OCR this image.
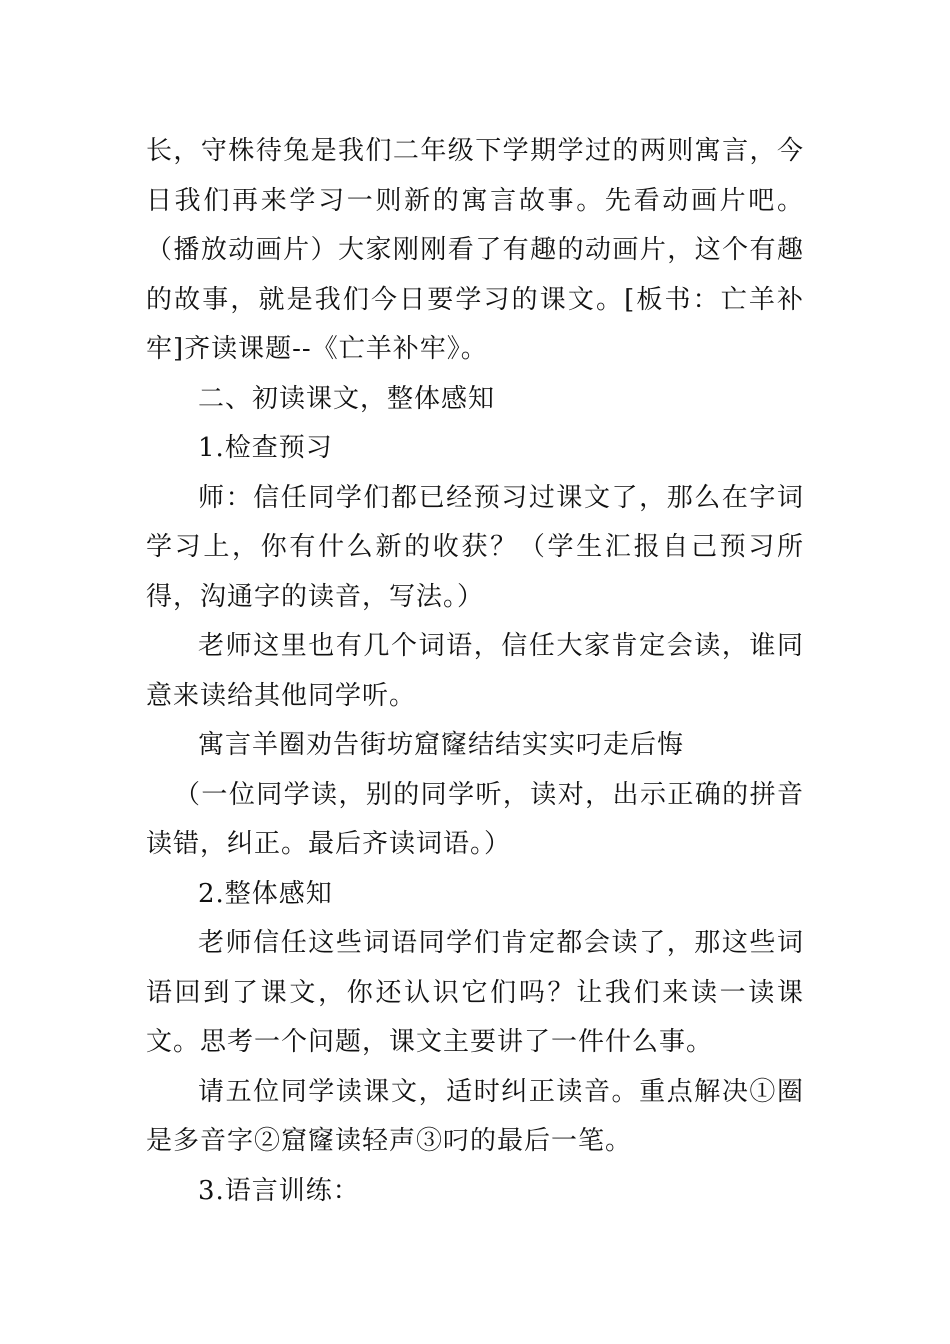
长，守株待兔是我们二年级下学期学过的两则寓言，今日我们再来学习一则新的寓言故事。先看动画片吧。（播放动画片）大家刚刚看了有趣的动画片，这个有趣的故事，就是我们今日要学习的课文。[板书：亡羊补牢]齐读课题--《亡羊补牢》。

二、初读课文，整体感知

1.检查预习

师：信任同学们都已经预习过课文了，那么在字词学习上，你有什么新的收获？（学生汇报自己预习所得，沟通字的读音，写法。）

老师这里也有几个词语，信任大家肯定会读，谁同意来读给其他同学听。

寓言羊圈劝告街坊窟窿结结实实叼走后悔

（一位同学读，别的同学听，读对，出示正确的拼音读错，纠正。最后齐读词语。）

2.整体感知

老师信任这些词语同学们肯定都会读了，那这些词语回到了课文，你还认识它们吗？让我们来读一读课文。思考一个问题，课文主要讲了一件什么事。

请五位同学读课文，适时纠正读音。重点解决①圈是多音字②窟窿读轻声③叼的最后一笔。

3.语言训练：
